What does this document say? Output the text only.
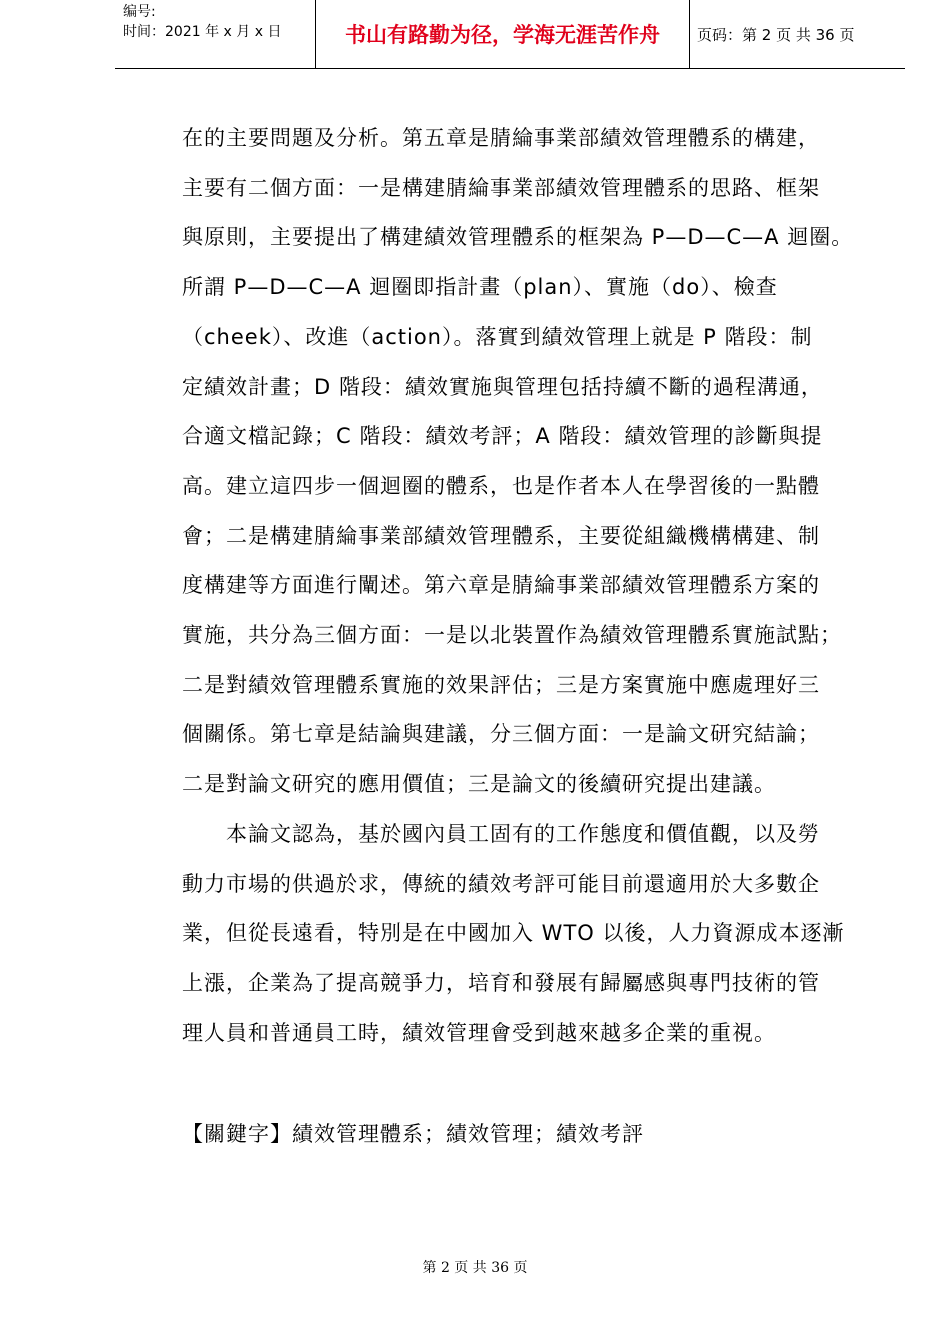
编号:
时间：2021 年 x 月 x 日	书山有路勤为径，学海无涯苦作舟	页码：第 2 页 共 36 页

在的主要問題及分析。第五章是腈綸事業部績效管理體系的構建，

主要有二個方面：一是構建腈綸事業部績效管理體系的思路、框架

與原則，主要提出了構建績效管理體系的框架為 P—D—C—A 迴圈。

所謂 P—D—C—A 迴圈即指計畫（plan）、實施（do）、檢查

（cheek）、改進（action）。落實到績效管理上就是 P 階段：制

定績效計畫；D 階段：績效實施與管理包括持續不斷的過程溝通，

合適文檔記錄；C 階段：績效考評；A 階段：績效管理的診斷與提

高。建立這四步一個迴圈的體系，也是作者本人在學習後的一點體

會；二是構建腈綸事業部績效管理體系，主要從組織機構構建、制

度構建等方面進行闡述。第六章是腈綸事業部績效管理體系方案的

實施，共分為三個方面：一是以北裝置作為績效管理體系實施試點；

二是對績效管理體系實施的效果評估；三是方案實施中應處理好三

個關係。第七章是結論與建議，分三個方面：一是論文研究結論；

二是對論文研究的應用價值；三是論文的後續研究提出建議。

　　本論文認為，基於國內員工固有的工作態度和價值觀，以及勞

動力市場的供過於求，傳統的績效考評可能目前還適用於大多數企

業，但從長遠看，特別是在中國加入 WTO 以後，人力資源成本逐漸

上漲，企業為了提高競爭力，培育和發展有歸屬感與專門技術的管

理人員和普通員工時，績效管理會受到越來越多企業的重視。

【關鍵字】績效管理體系；績效管理；績效考評
第 2 页 共 36 页
